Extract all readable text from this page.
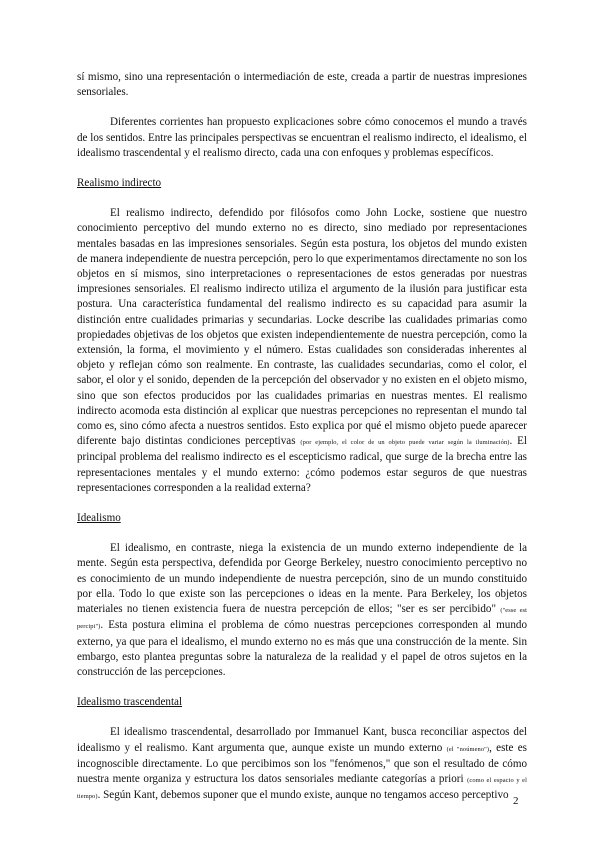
sí mismo, sino una representación o intermediación de este, creada a partir de nuestras impresiones sensoriales.

Diferentes corrientes han propuesto explicaciones sobre cómo conocemos el mundo a través de los sentidos. Entre las principales perspectivas se encuentran el realismo indirecto, el idealismo, el idealismo trascendental y el realismo directo, cada una con enfoques y problemas específicos.

Realismo indirecto

El realismo indirecto, defendido por filósofos como John Locke, sostiene que nuestro conocimiento perceptivo del mundo externo no es directo, sino mediado por representaciones mentales basadas en las impresiones sensoriales. Según esta postura, los objetos del mundo existen de manera independiente de nuestra percepción, pero lo que experimentamos directamente no son los objetos en sí mismos, sino interpretaciones o representaciones de estos generadas por nuestras impresiones sensoriales. El realismo indirecto utiliza el argumento de la ilusión para justificar esta postura. Una característica fundamental del realismo indirecto es su capacidad para asumir la distinción entre cualidades primarias y secundarias. Locke describe las cualidades primarias como propiedades objetivas de los objetos que existen independientemente de nuestra percepción, como la extensión, la forma, el movimiento y el número. Estas cualidades son consideradas inherentes al objeto y reflejan cómo son realmente. En contraste, las cualidades secundarias, como el color, el sabor, el olor y el sonido, dependen de la percepción del observador y no existen en el objeto mismo, sino que son efectos producidos por las cualidades primarias en nuestras mentes. El realismo indirecto acomoda esta distinción al explicar que nuestras percepciones no representan el mundo tal como es, sino cómo afecta a nuestros sentidos. Esto explica por qué el mismo objeto puede aparecer diferente bajo distintas condiciones perceptivas (por ejemplo, el color de un objeto puede variar según la iluminación). El principal problema del realismo indirecto es el escepticismo radical, que surge de la brecha entre las representaciones mentales y el mundo externo: ¿cómo podemos estar seguros de que nuestras representaciones corresponden a la realidad externa?

Idealismo

El idealismo, en contraste, niega la existencia de un mundo externo independiente de la mente. Según esta perspectiva, defendida por George Berkeley, nuestro conocimiento perceptivo no es conocimiento de un mundo independiente de nuestra percepción, sino de un mundo constituido por ella. Todo lo que existe son las percepciones o ideas en la mente. Para Berkeley, los objetos materiales no tienen existencia fuera de nuestra percepción de ellos; "ser es ser percibido" ("esse est percipi"). Esta postura elimina el problema de cómo nuestras percepciones corresponden al mundo externo, ya que para el idealismo, el mundo externo no es más que una construcción de la mente. Sin embargo, esto plantea preguntas sobre la naturaleza de la realidad y el papel de otros sujetos en la construcción de las percepciones.

Idealismo trascendental

El idealismo trascendental, desarrollado por Immanuel Kant, busca reconciliar aspectos del idealismo y el realismo. Kant argumenta que, aunque existe un mundo externo (el "noúmeno"), este es incognoscible directamente. Lo que percibimos son los "fenómenos," que son el resultado de cómo nuestra mente organiza y estructura los datos sensoriales mediante categorías a priori (como el espacio y el tiempo). Según Kant, debemos suponer que el mundo existe, aunque no tengamos acceso perceptivo 2
